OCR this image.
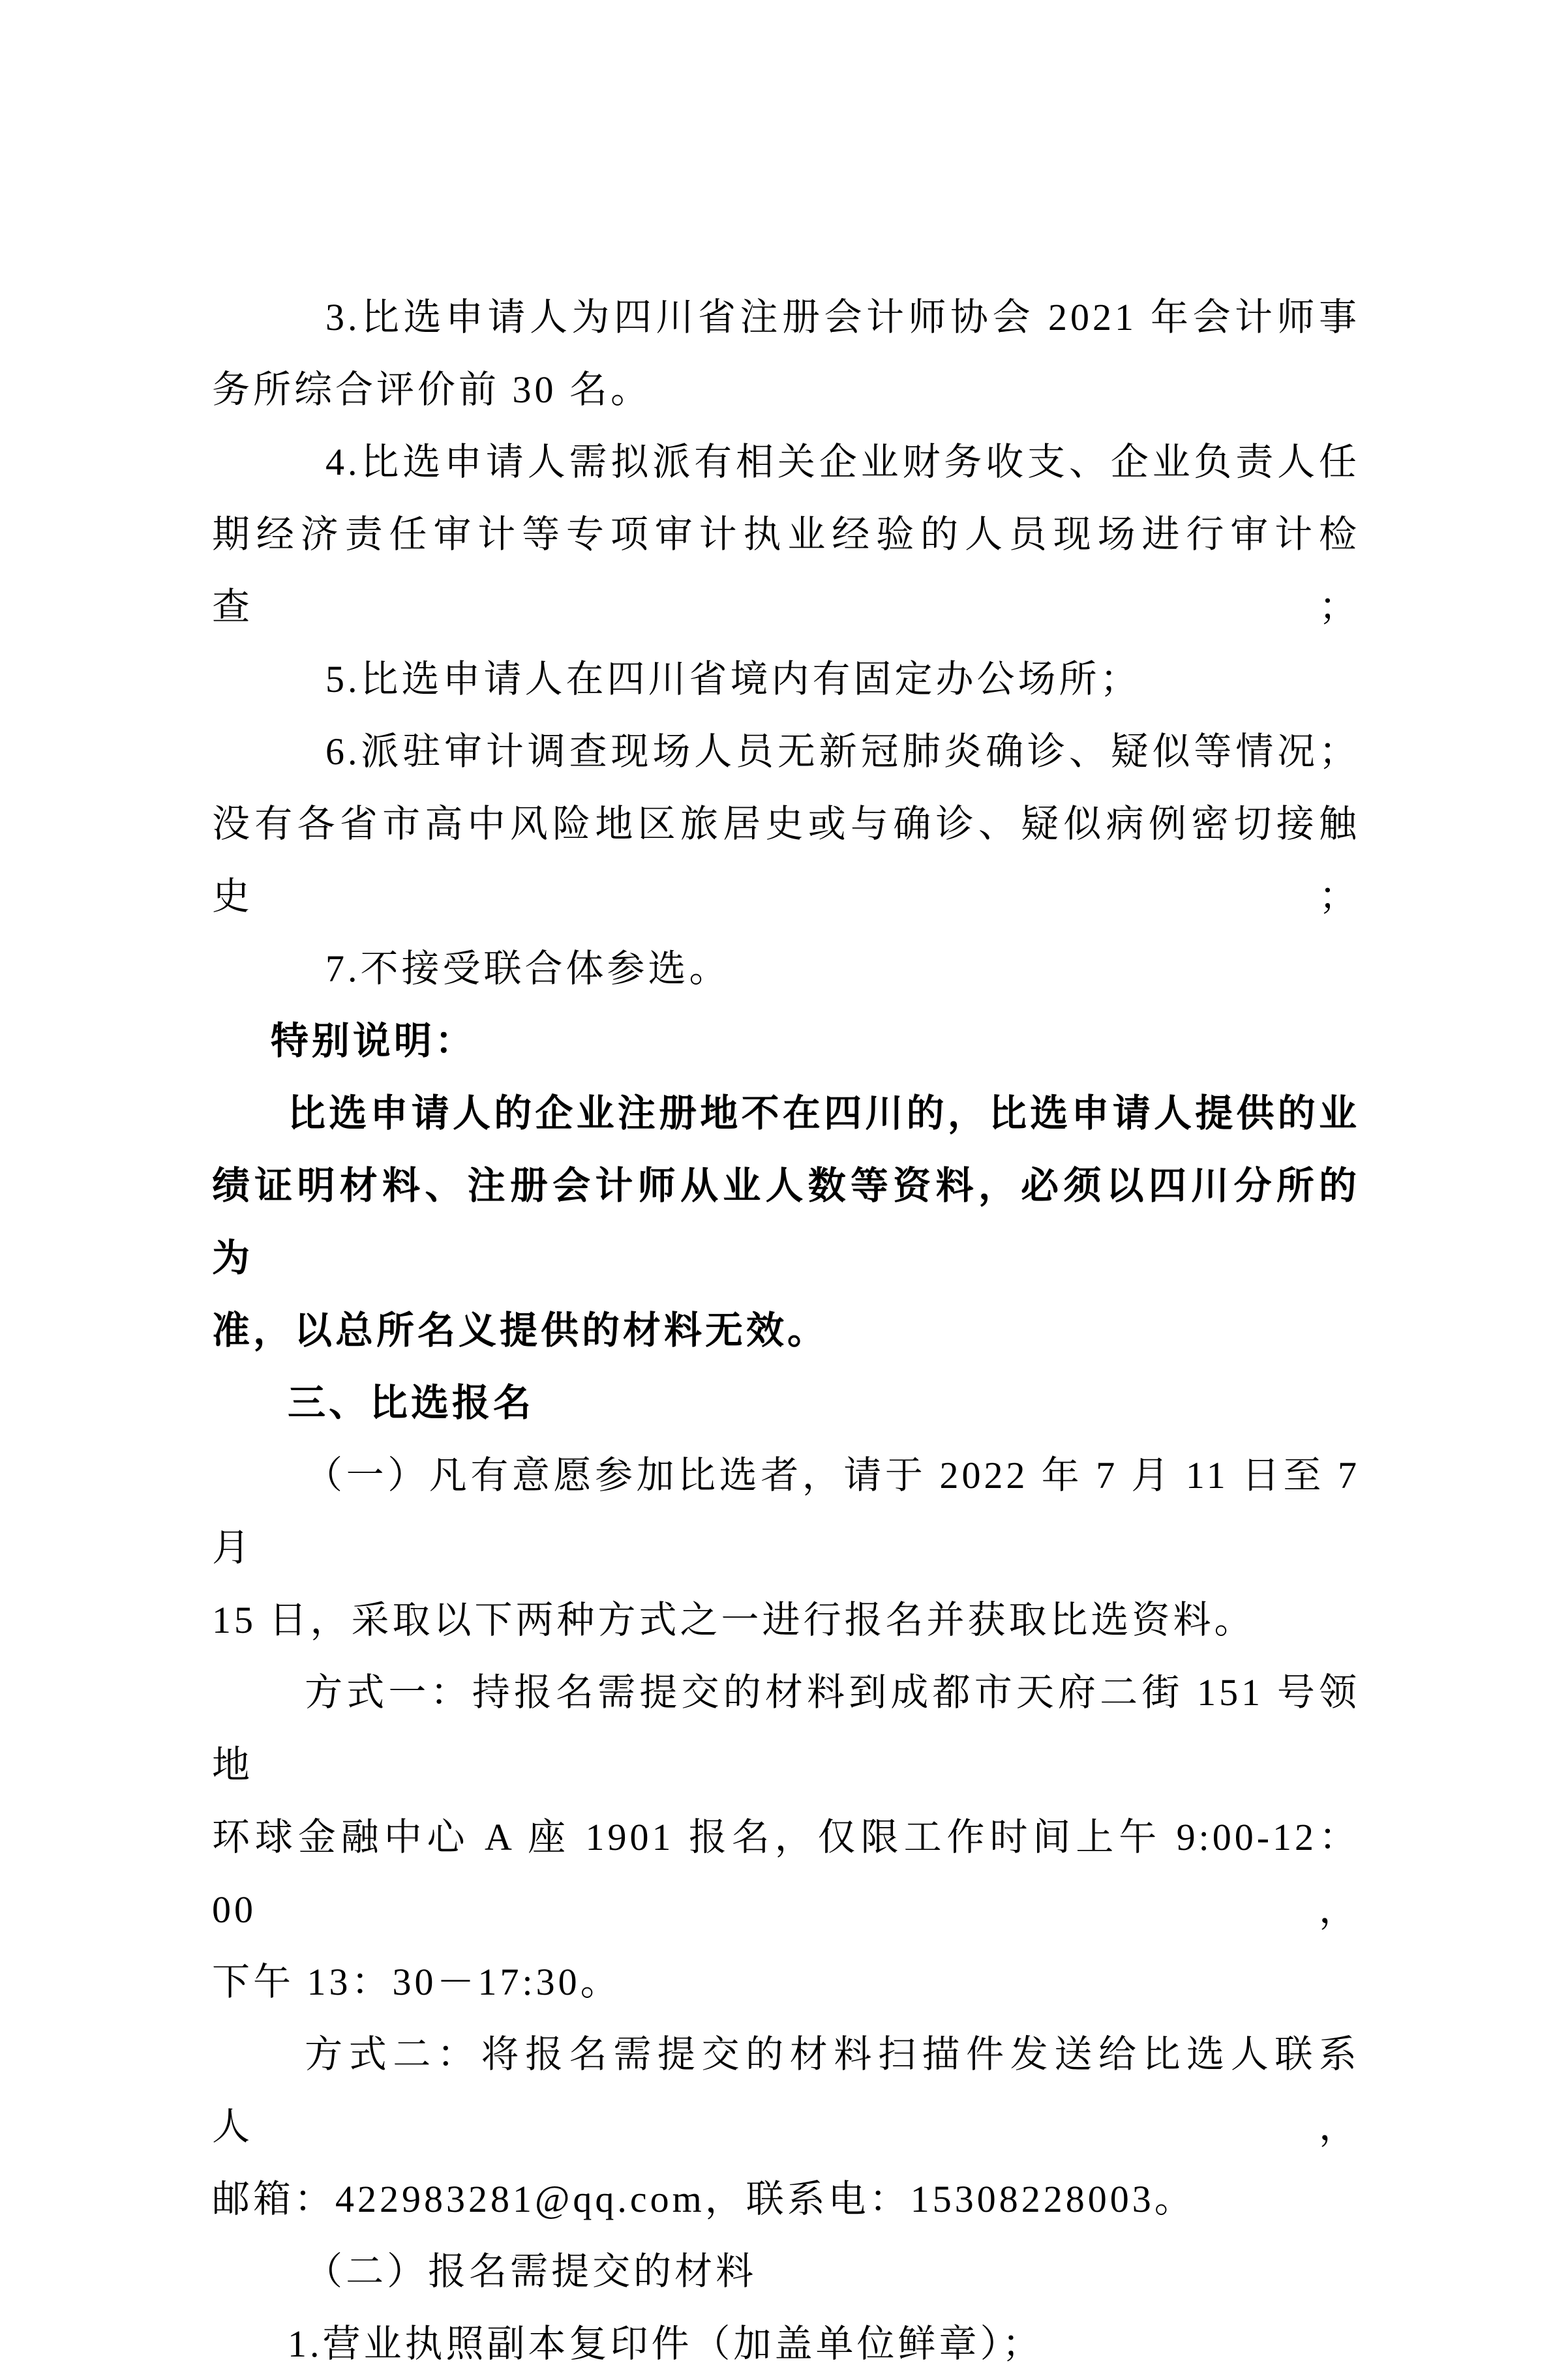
3.比选申请人为四川省注册会计师协会 2021 年会计师事

务所综合评价前 30 名。

4.比选申请人需拟派有相关企业财务收支、企业负责人任

期经济责任审计等专项审计执业经验的人员现场进行审计检查；

5.比选申请人在四川省境内有固定办公场所；

6.派驻审计调查现场人员无新冠肺炎确诊、疑似等情况；

没有各省市高中风险地区旅居史或与确诊、疑似病例密切接触史；

7.不接受联合体参选。

特别说明：

比选申请人的企业注册地不在四川的，比选申请人提供的业

绩证明材料、注册会计师从业人数等资料，必须以四川分所的为

准，以总所名义提供的材料无效。

三、比选报名

（一）凡有意愿参加比选者，请于 2022 年 7 月 11 日至 7 月

15 日，采取以下两种方式之一进行报名并获取比选资料。

方式一：持报名需提交的材料到成都市天府二街 151 号领地

环球金融中心 A 座 1901 报名，仅限工作时间上午 9:00-12：00，

下午 13：30－17:30。

方式二：将报名需提交的材料扫描件发送给比选人联系人，

邮箱：422983281@qq.com，联系电：15308228003。

（二）报名需提交的材料

1.营业执照副本复印件（加盖单位鲜章）；
